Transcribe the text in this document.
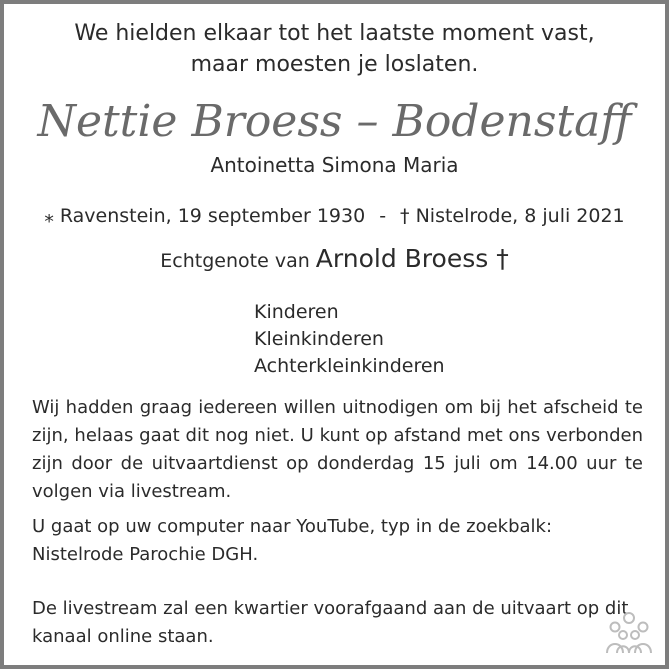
We hielden elkaar tot het laatste moment vast,
maar moesten je loslaten.
Nettie Broess – Bodenstaff
Antoinetta Simona Maria
⁎ Ravenstein, 19 september 1930 - † Nistelrode, 8 juli 2021
Echtgenote van Arnold Broess †
Kinderen
Kleinkinderen
Achterkleinkinderen
Wij hadden graag iedereen willen uitnodigen om bij het afscheid te zijn, helaas gaat dit nog niet. U kunt op afstand met ons verbonden zijn door de uitvaartdienst op donderdag 15 juli om 14.00 uur te volgen via livestream.
U gaat op uw computer naar YouTube, typ in de zoekbalk:
Nistelrode Parochie DGH.
De livestream zal een kwartier voorafgaand aan de uitvaart op dit kanaal online staan.
